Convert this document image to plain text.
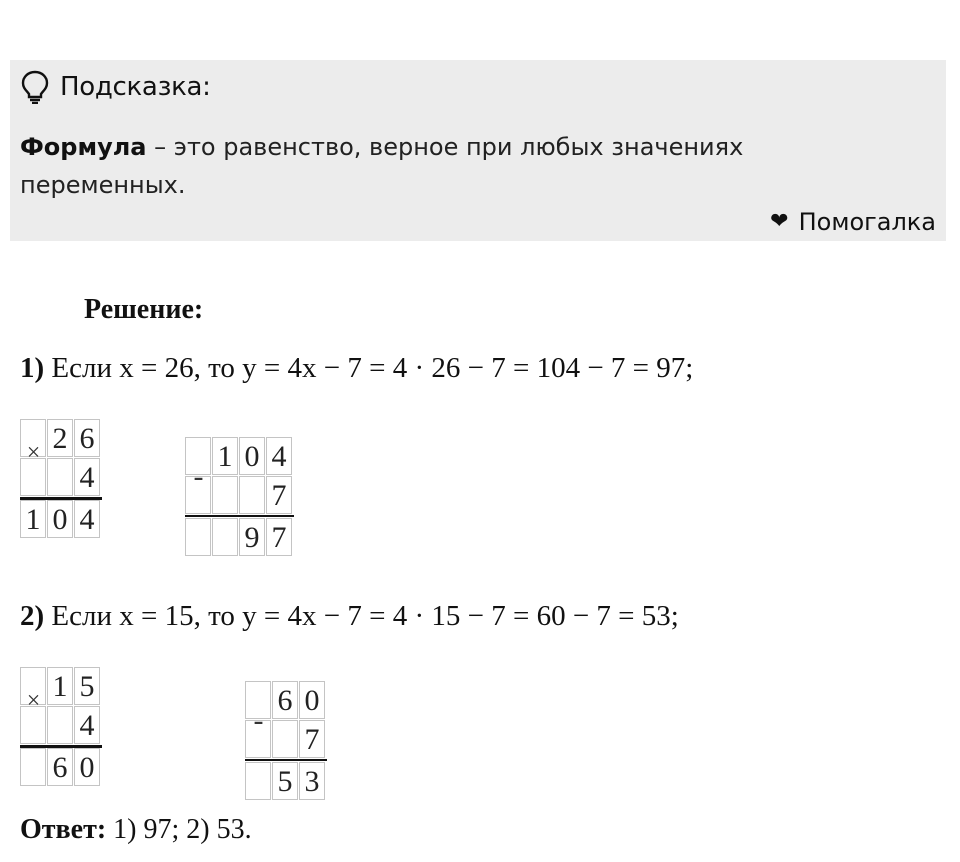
Подсказка:
Формула – это равенство, верное при любых значениях переменных.
❤ Помогалка
Решение:
1) Если x = 26, то y = 4x − 7 = 4 · 26 − 7 = 104 − 7 = 97;
2) Если x = 15, то y = 4x − 7 = 4 · 15 − 7 = 60 − 7 = 53;
Ответ: 1) 97; 2) 53.
2 6
4
1 0 4
×	1 0 4
7
9 7
-
1 5
4
6 0
×	6 0
7
5 3
-
